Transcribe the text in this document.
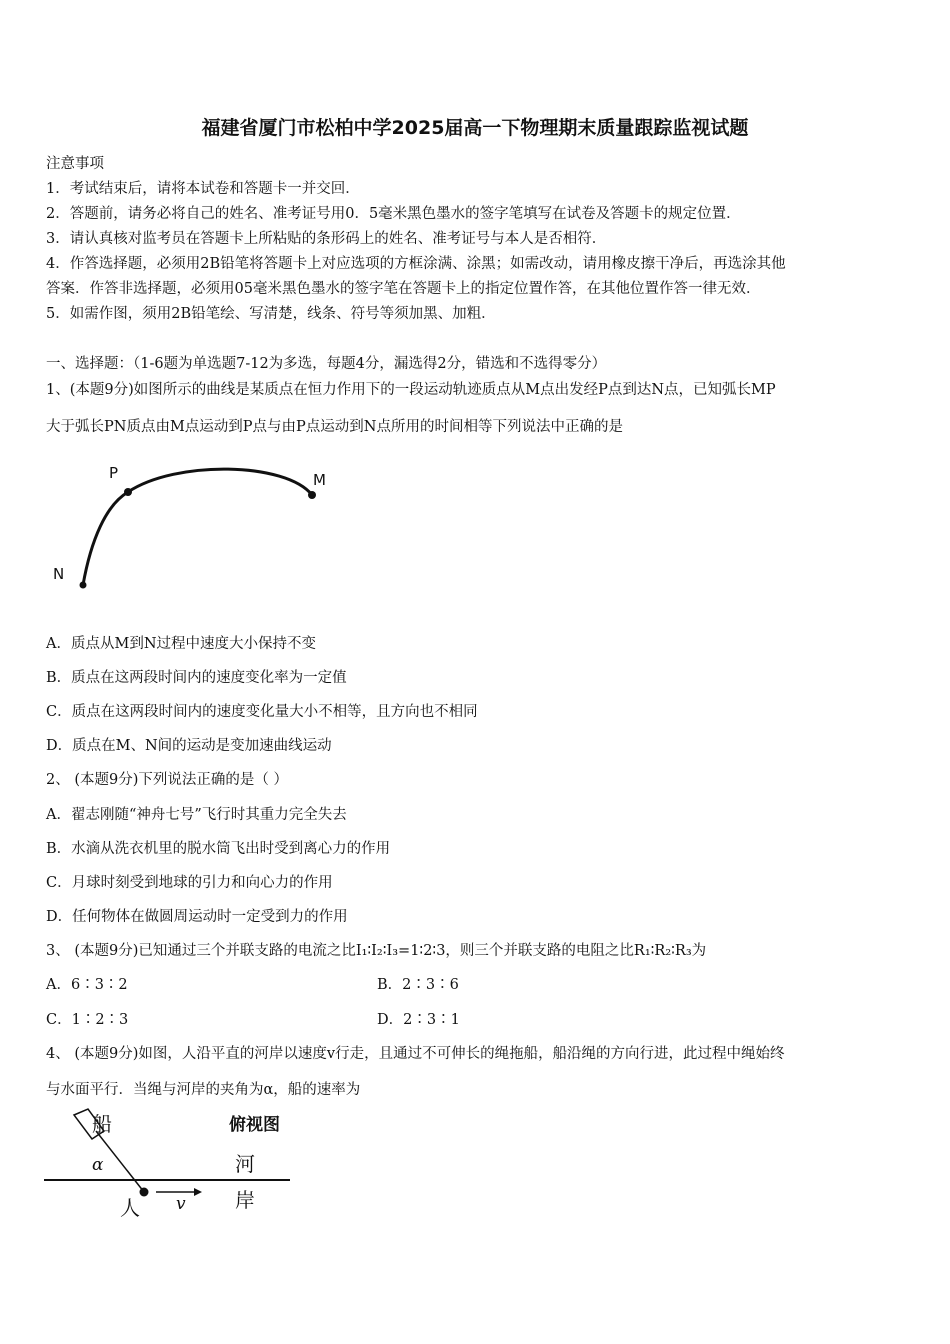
福建省厦门市松柏中学2025届高一下物理期末质量跟踪监视试题
注意事项
1．考试结束后，请将本试卷和答题卡一并交回．
2．答题前，请务必将自己的姓名、准考证号用0．5毫米黑色墨水的签字笔填写在试卷及答题卡的规定位置．
3．请认真核对监考员在答题卡上所粘贴的条形码上的姓名、准考证号与本人是否相符．
4．作答选择题，必须用2B铅笔将答题卡上对应选项的方框涂满、涂黑；如需改动，请用橡皮擦干净后，再选涂其他
答案．作答非选择题，必须用05毫米黑色墨水的签字笔在答题卡上的指定位置作答，在其他位置作答一律无效．
5．如需作图，须用2B铅笔绘、写清楚，线条、符号等须加黑、加粗．
一、选择题：（1-6题为单选题7-12为多选，每题4分，漏选得2分，错选和不选得零分）
1、(本题9分)如图所示的曲线是某质点在恒力作用下的一段运动轨迹质点从M点出发经P点到达N点，已知弧长MP
大于弧长PN质点由M点运动到P点与由P点运动到N点所用的时间相等下列说法中正确的是
P	M
N
A．质点从M到N过程中速度大小保持不变
B．质点在这两段时间内的速度变化率为一定值
C．质点在这两段时间内的速度变化量大小不相等，且方向也不相同
D．质点在M、N间的运动是变加速曲线运动
2、 (本题9分)下列说法正确的是（ ）
A．翟志刚随“神舟七号”飞行时其重力完全失去
B．水滴从洗衣机里的脱水筒飞出时受到离心力的作用
C．月球时刻受到地球的引力和向心力的作用
D．任何物体在做圆周运动时一定受到力的作用
3、 (本题9分)已知通过三个并联支路的电流之比I₁∶I₂∶I₃=1∶2∶3，则三个并联支路的电阻之比R₁∶R₂∶R₃为
A．6∶3∶2	B．2∶3∶6
C．1∶2∶3	D．2∶3∶1
4、 (本题9分)如图，人沿平直的河岸以速度v行走，且通过不可伸长的绳拖船，船沿绳的方向行进，此过程中绳始终
与水面平行．当绳与河岸的夹角为α，船的速率为
船	俯视图
河
岸
α
人 v
